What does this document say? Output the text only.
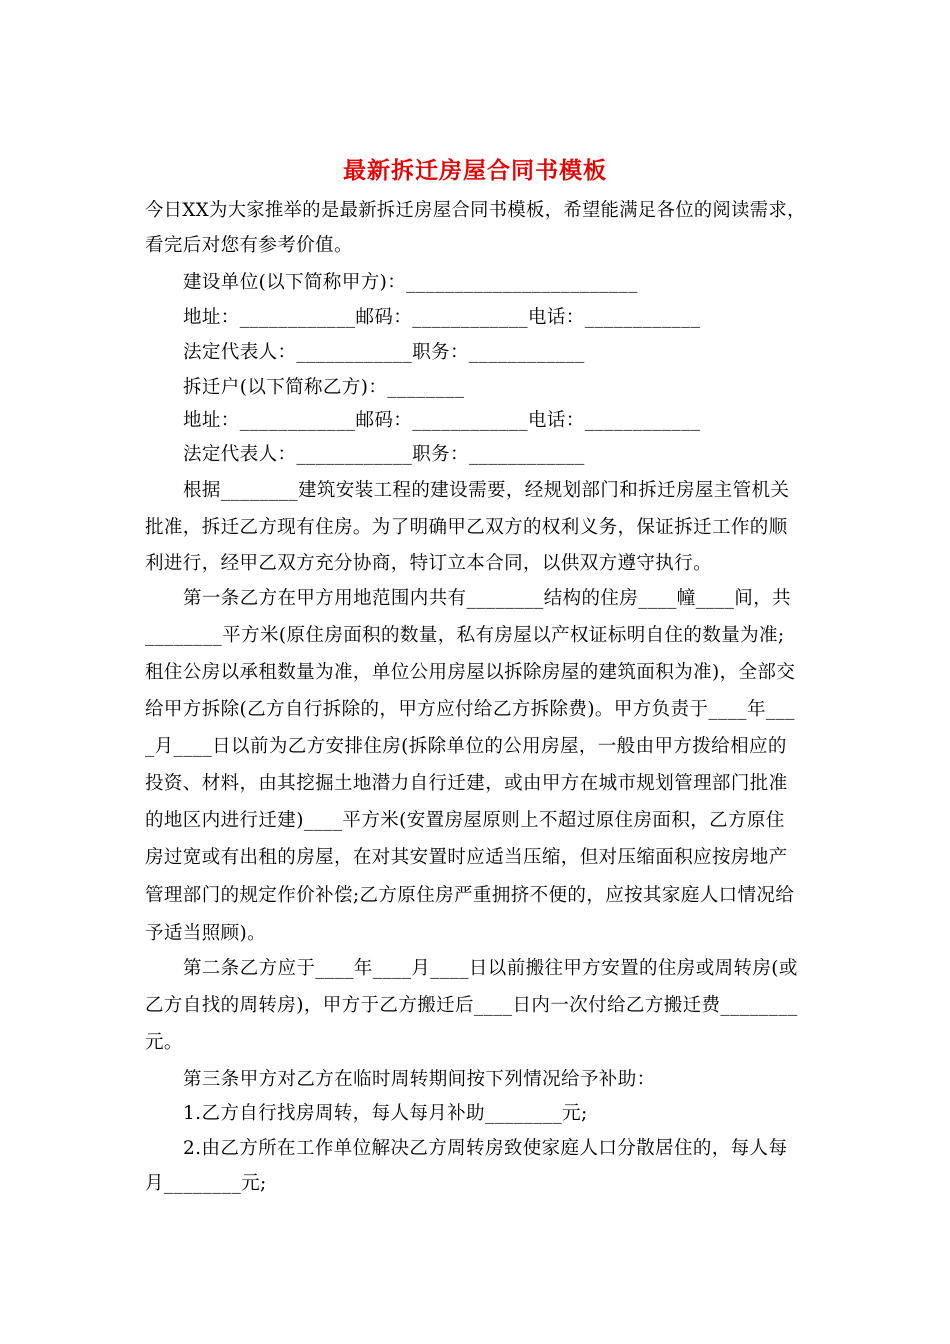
最新拆迁房屋合同书模板
今日XX为大家推举的是最新拆迁房屋合同书模板，希望能满足各位的阅读需求，
看完后对您有参考价值。
建设单位(以下简称甲方)：________________________
地址：____________邮码：____________电话：____________
法定代表人：____________职务：____________
拆迁户(以下简称乙方)：________
地址：____________邮码：____________电话：____________
法定代表人：____________职务：____________
根据________建筑安装工程的建设需要，经规划部门和拆迁房屋主管机关
批准，拆迁乙方现有住房。为了明确甲乙双方的权利义务，保证拆迁工作的顺
利进行，经甲乙双方充分协商，特订立本合同，以供双方遵守执行。
第一条乙方在甲方用地范围内共有________结构的住房____幢____间，共
________平方米(原住房面积的数量，私有房屋以产权证标明自住的数量为准;
租住公房以承租数量为准，单位公用房屋以拆除房屋的建筑面积为准)，全部交
给甲方拆除(乙方自行拆除的，甲方应付给乙方拆除费)。甲方负责于____年___
_月____日以前为乙方安排住房(拆除单位的公用房屋，一般由甲方拨给相应的
投资、材料，由其挖掘土地潜力自行迁建，或由甲方在城市规划管理部门批准
的地区内进行迁建)____平方米(安置房屋原则上不超过原住房面积，乙方原住
房过宽或有出租的房屋，在对其安置时应适当压缩，但对压缩面积应按房地产
管理部门的规定作价补偿;乙方原住房严重拥挤不便的，应按其家庭人口情况给
予适当照顾)。
第二条乙方应于____年____月____日以前搬往甲方安置的住房或周转房(或
乙方自找的周转房)，甲方于乙方搬迁后____日内一次付给乙方搬迁费________
元。
第三条甲方对乙方在临时周转期间按下列情况给予补助：
1.乙方自行找房周转，每人每月补助________元;
2.由乙方所在工作单位解决乙方周转房致使家庭人口分散居住的，每人每
月________元;
